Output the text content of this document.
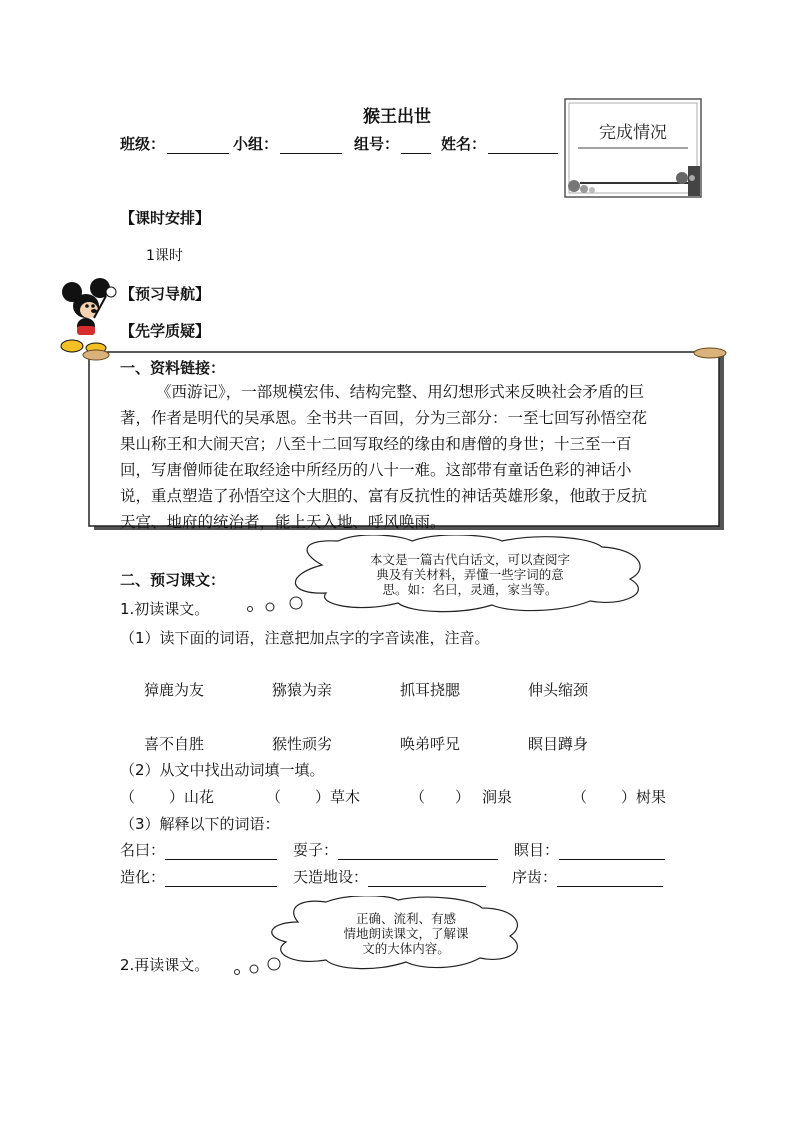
猴王出世
班级：	小组：	组号：	姓名：
完成情况
【课时安排】
1课时
【预习导航】
【先学质疑】
一、资料链接：
《西游记》，一部规模宏伟、结构完整、用幻想形式来反映社会矛盾的巨
著，作者是明代的吴承恩。全书共一百回，分为三部分：一至七回写孙悟空花
果山称王和大闹天宫；八至十二回写取经的缘由和唐僧的身世；十三至一百
回，写唐僧师徒在取经途中所经历的八十一难。这部带有童话色彩的神话小
说，重点塑造了孙悟空这个大胆的、富有反抗性的神话英雄形象，他敢于反抗
天宫、地府的统治者，能上天入地、呼风唤雨。
本文是一篇古代白话文，可以查阅字
典及有关材料，弄懂一些字词的意
思。如：名曰，灵通，家当等。
二、预习课文：
1.初读课文。
（1）读下面的词语，注意把加点字的字音读准，注音。
獐鹿为友	猕猿为亲	抓耳挠腮	伸头缩颈
喜不自胜	猴性顽劣	唤弟呼兄	瞑目蹲身
（2）从文中找出动词填一填。
（ ） 山花	（ ） 草木	（ ） 涧泉	（ ） 树果
（3）解释以下的词语：
名曰：	耍子：	瞑目：
造化：	天造地设：	序齿：
正确、流利、有感
情地朗读课文，了解课
文的大体内容。
2.再读课文。
